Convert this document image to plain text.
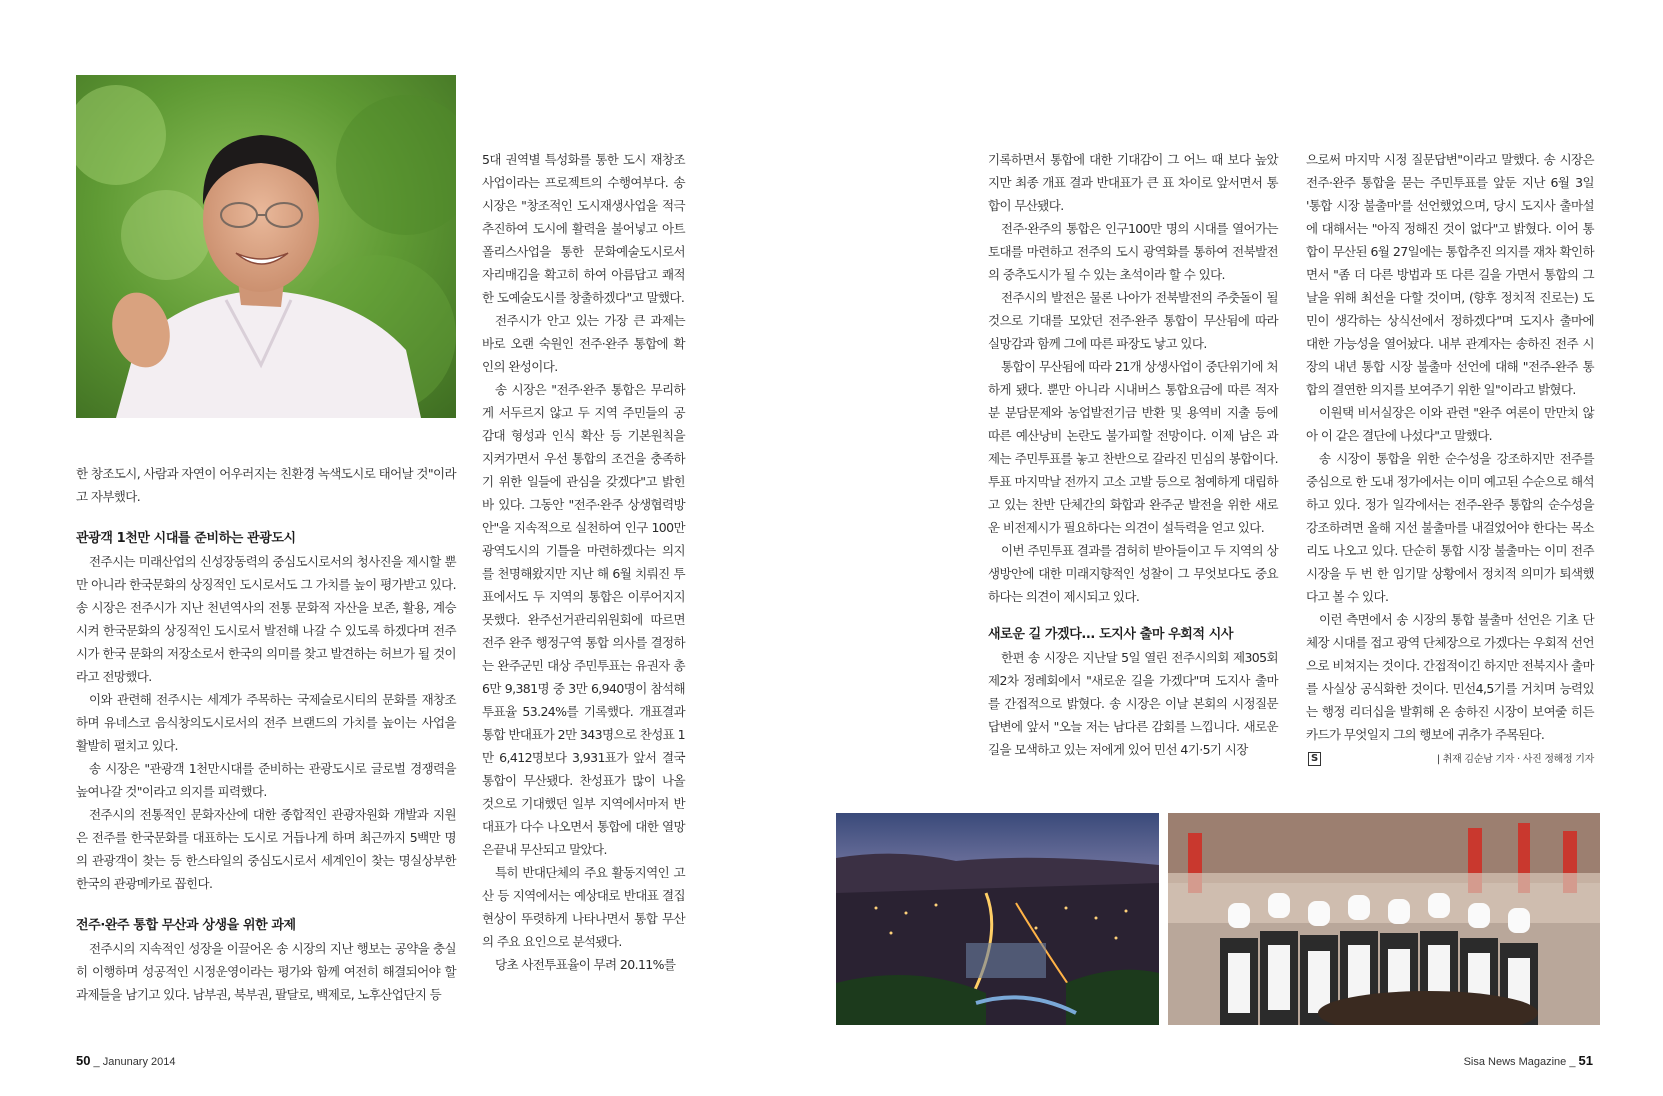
한 창조도시, 사람과 자연이 어우러지는 친환경 녹색도시로 태어날 것"이라고 자부했다.

관광객 1천만 시대를 준비하는 관광도시

전주시는 미래산업의 신성장동력의 중심도시로서의 청사진을 제시할 뿐만 아니라 한국문화의 상징적인 도시로서도 그 가치를 높이 평가받고 있다. 송 시장은 전주시가 지난 천년역사의 전통 문화적 자산을 보존, 활용, 계승시켜 한국문화의 상징적인 도시로서 발전해 나갈 수 있도록 하겠다며 전주시가 한국 문화의 저장소로서 한국의 의미를 찾고 발견하는 허브가 될 것이라고 전망했다.

이와 관련해 전주시는 세계가 주목하는 국제슬로시티의 문화를 재창조하며 유네스코 음식창의도시로서의 전주 브랜드의 가치를 높이는 사업을 활발히 펼치고 있다.

송 시장은 "관광객 1천만시대를 준비하는 관광도시로 글로벌 경쟁력을 높여나갈 것"이라고 의지를 피력했다.

전주시의 전통적인 문화자산에 대한 종합적인 관광자원화 개발과 지원은 전주를 한국문화를 대표하는 도시로 거듭나게 하며 최근까지 5백만 명의 관광객이 찾는 등 한스타일의 중심도시로서 세계인이 찾는 명실상부한 한국의 관광메카로 꼽힌다.

전주·완주 통합 무산과 상생을 위한 과제

전주시의 지속적인 성장을 이끌어온 송 시장의 지난 행보는 공약을 충실히 이행하며 성공적인 시정운영이라는 평가와 함께 여전히 해결되어야 할 과제들을 남기고 있다. 남부권, 북부권, 팔달로, 백제로, 노후산업단지 등

5대 권역별 특성화를 통한 도시 재창조 사업이라는 프로젝트의 수행여부다. 송 시장은 "창조적인 도시재생사업을 적극 추진하여 도시에 활력을 불어넣고 아트폴리스사업을 통한 문화예술도시로서 자리매김을 확고히 하여 아름답고 쾌적한 도예술도시를 창출하겠다"고 말했다.

전주시가 안고 있는 가장 큰 과제는 바로 오랜 숙원인 전주·완주 통합에 확인의 완성이다.

송 시장은 "전주·완주 통합은 무리하게 서두르지 않고 두 지역 주민들의 공감대 형성과 인식 확산 등 기본원칙을 지켜가면서 우선 통합의 조건을 충족하기 위한 일들에 관심을 갖겠다"고 밝힌 바 있다. 그동안 "전주·완주 상생협력방안"을 지속적으로 실천하여 인구 100만 광역도시의 기틀을 마련하겠다는 의지를 천명해왔지만 지난 해 6월 치뤄진 투표에서도 두 지역의 통합은 이루어지지 못했다. 완주선거관리위원회에 따르면 전주 완주 행정구역 통합 의사를 결정하는 완주군민 대상 주민투표는 유권자 총 6만 9,381명 중 3만 6,940명이 참석해 투표율 53.24%를 기록했다. 개표결과 통합 반대표가 2만 343명으로 찬성표 1만 6,412명보다 3,931표가 앞서 결국 통합이 무산됐다. 찬성표가 많이 나올 것으로 기대했던 일부 지역에서마저 반대표가 다수 나오면서 통합에 대한 열망은끝내 무산되고 말았다.

특히 반대단체의 주요 활동지역인 고산 등 지역에서는 예상대로 반대표 결집현상이 뚜렷하게 나타나면서 통합 무산의 주요 요인으로 분석됐다.

당초 사전투표율이 무려 20.11%를

50 _ Janunary 2014

기록하면서 통합에 대한 기대감이 그 어느 때 보다 높았지만 최종 개표 결과 반대표가 큰 표 차이로 앞서면서 통합이 무산됐다.

전주·완주의 통합은 인구100만 명의 시대를 열어가는 토대를 마련하고 전주의 도시 광역화를 통하여 전북발전의 중추도시가 될 수 있는 초석이라 할 수 있다.

전주시의 발전은 물론 나아가 전북발전의 주춧돌이 될 것으로 기대를 모았던 전주·완주 통합이 무산됨에 따라 실망감과 함께 그에 따른 파장도 낳고 있다.

통합이 무산됨에 따라 21개 상생사업이 중단위기에 처하게 됐다. 뿐만 아니라 시내버스 통합요금에 따른 적자분 분담문제와 농업발전기금 반환 및 용역비 지출 등에 따른 예산낭비 논란도 불가피할 전망이다. 이제 남은 과제는 주민투표를 놓고 찬반으로 갈라진 민심의 봉합이다. 투표 마지막날 전까지 고소 고발 등으로 첨예하게 대립하고 있는 찬반 단체간의 화합과 완주군 발전을 위한 새로운 비전제시가 필요하다는 의견이 설득력을 얻고 있다.

이번 주민투표 결과를 겸허히 받아들이고 두 지역의 상생방안에 대한 미래지향적인 성찰이 그 무엇보다도 중요하다는 의견이 제시되고 있다.

새로운 길 가겠다... 도지사 출마 우회적 시사

한편 송 시장은 지난달 5일 열린 전주시의회 제305회 제2차 정례회에서 "새로운 길을 가겠다"며 도지사 출마를 간접적으로 밝혔다. 송 시장은 이날 본회의 시정질문 답변에 앞서 "오늘 저는 남다른 감회를 느낍니다. 새로운 길을 모색하고 있는 저에게 있어 민선 4기·5기 시장

으로써 마지막 시정 질문답변"이라고 말했다. 송 시장은 전주·완주 통합을 묻는 주민투표를 앞둔 지난 6월 3일 '통합 시장 불출마'를 선언했었으며, 당시 도지사 출마설에 대해서는 "아직 정해진 것이 없다"고 밝혔다. 이어 통합이 무산된 6월 27일에는 통합추진 의지를 재차 확인하면서 "좀 더 다른 방법과 또 다른 길을 가면서 통합의 그 날을 위해 최선을 다할 것이며, (향후 정치적 진로는) 도민이 생각하는 상식선에서 정하겠다"며 도지사 출마에 대한 가능성을 열어놨다. 내부 관계자는 송하진 전주 시장의 내년 통합 시장 불출마 선언에 대해 "전주-완주 통합의 결연한 의지를 보여주기 위한 일"이라고 밝혔다.

이원택 비서실장은 이와 관련 "완주 여론이 만만치 않아 이 같은 결단에 나섰다"고 말했다.

송 시장이 통합을 위한 순수성을 강조하지만 전주를 중심으로 한 도내 정가에서는 이미 예고된 수순으로 해석하고 있다. 정가 일각에서는 전주-완주 통합의 순수성을 강조하려면 올해 지선 불출마를 내걸었어야 한다는 목소리도 나오고 있다. 단순히 통합 시장 불출마는 이미 전주시장을 두 번 한 임기말 상황에서 정치적 의미가 퇴색했다고 볼 수 있다.

이런 측면에서 송 시장의 통합 불출마 선언은 기초 단체장 시대를 접고 광역 단체장으로 가겠다는 우회적 선언으로 비쳐지는 것이다. 간접적이긴 하지만 전북지사 출마를 사실상 공식화한 것이다. 민선4,5기를 거치며 능력있는 행정 리더십을 발휘해 온 송하진 시장이 보여줄 히든카드가 무엇일지 그의 행보에 귀추가 주목된다.

S	| 취재 김순남 기자 · 사진 정해정 기자
Sisa News Magazine _ 51
